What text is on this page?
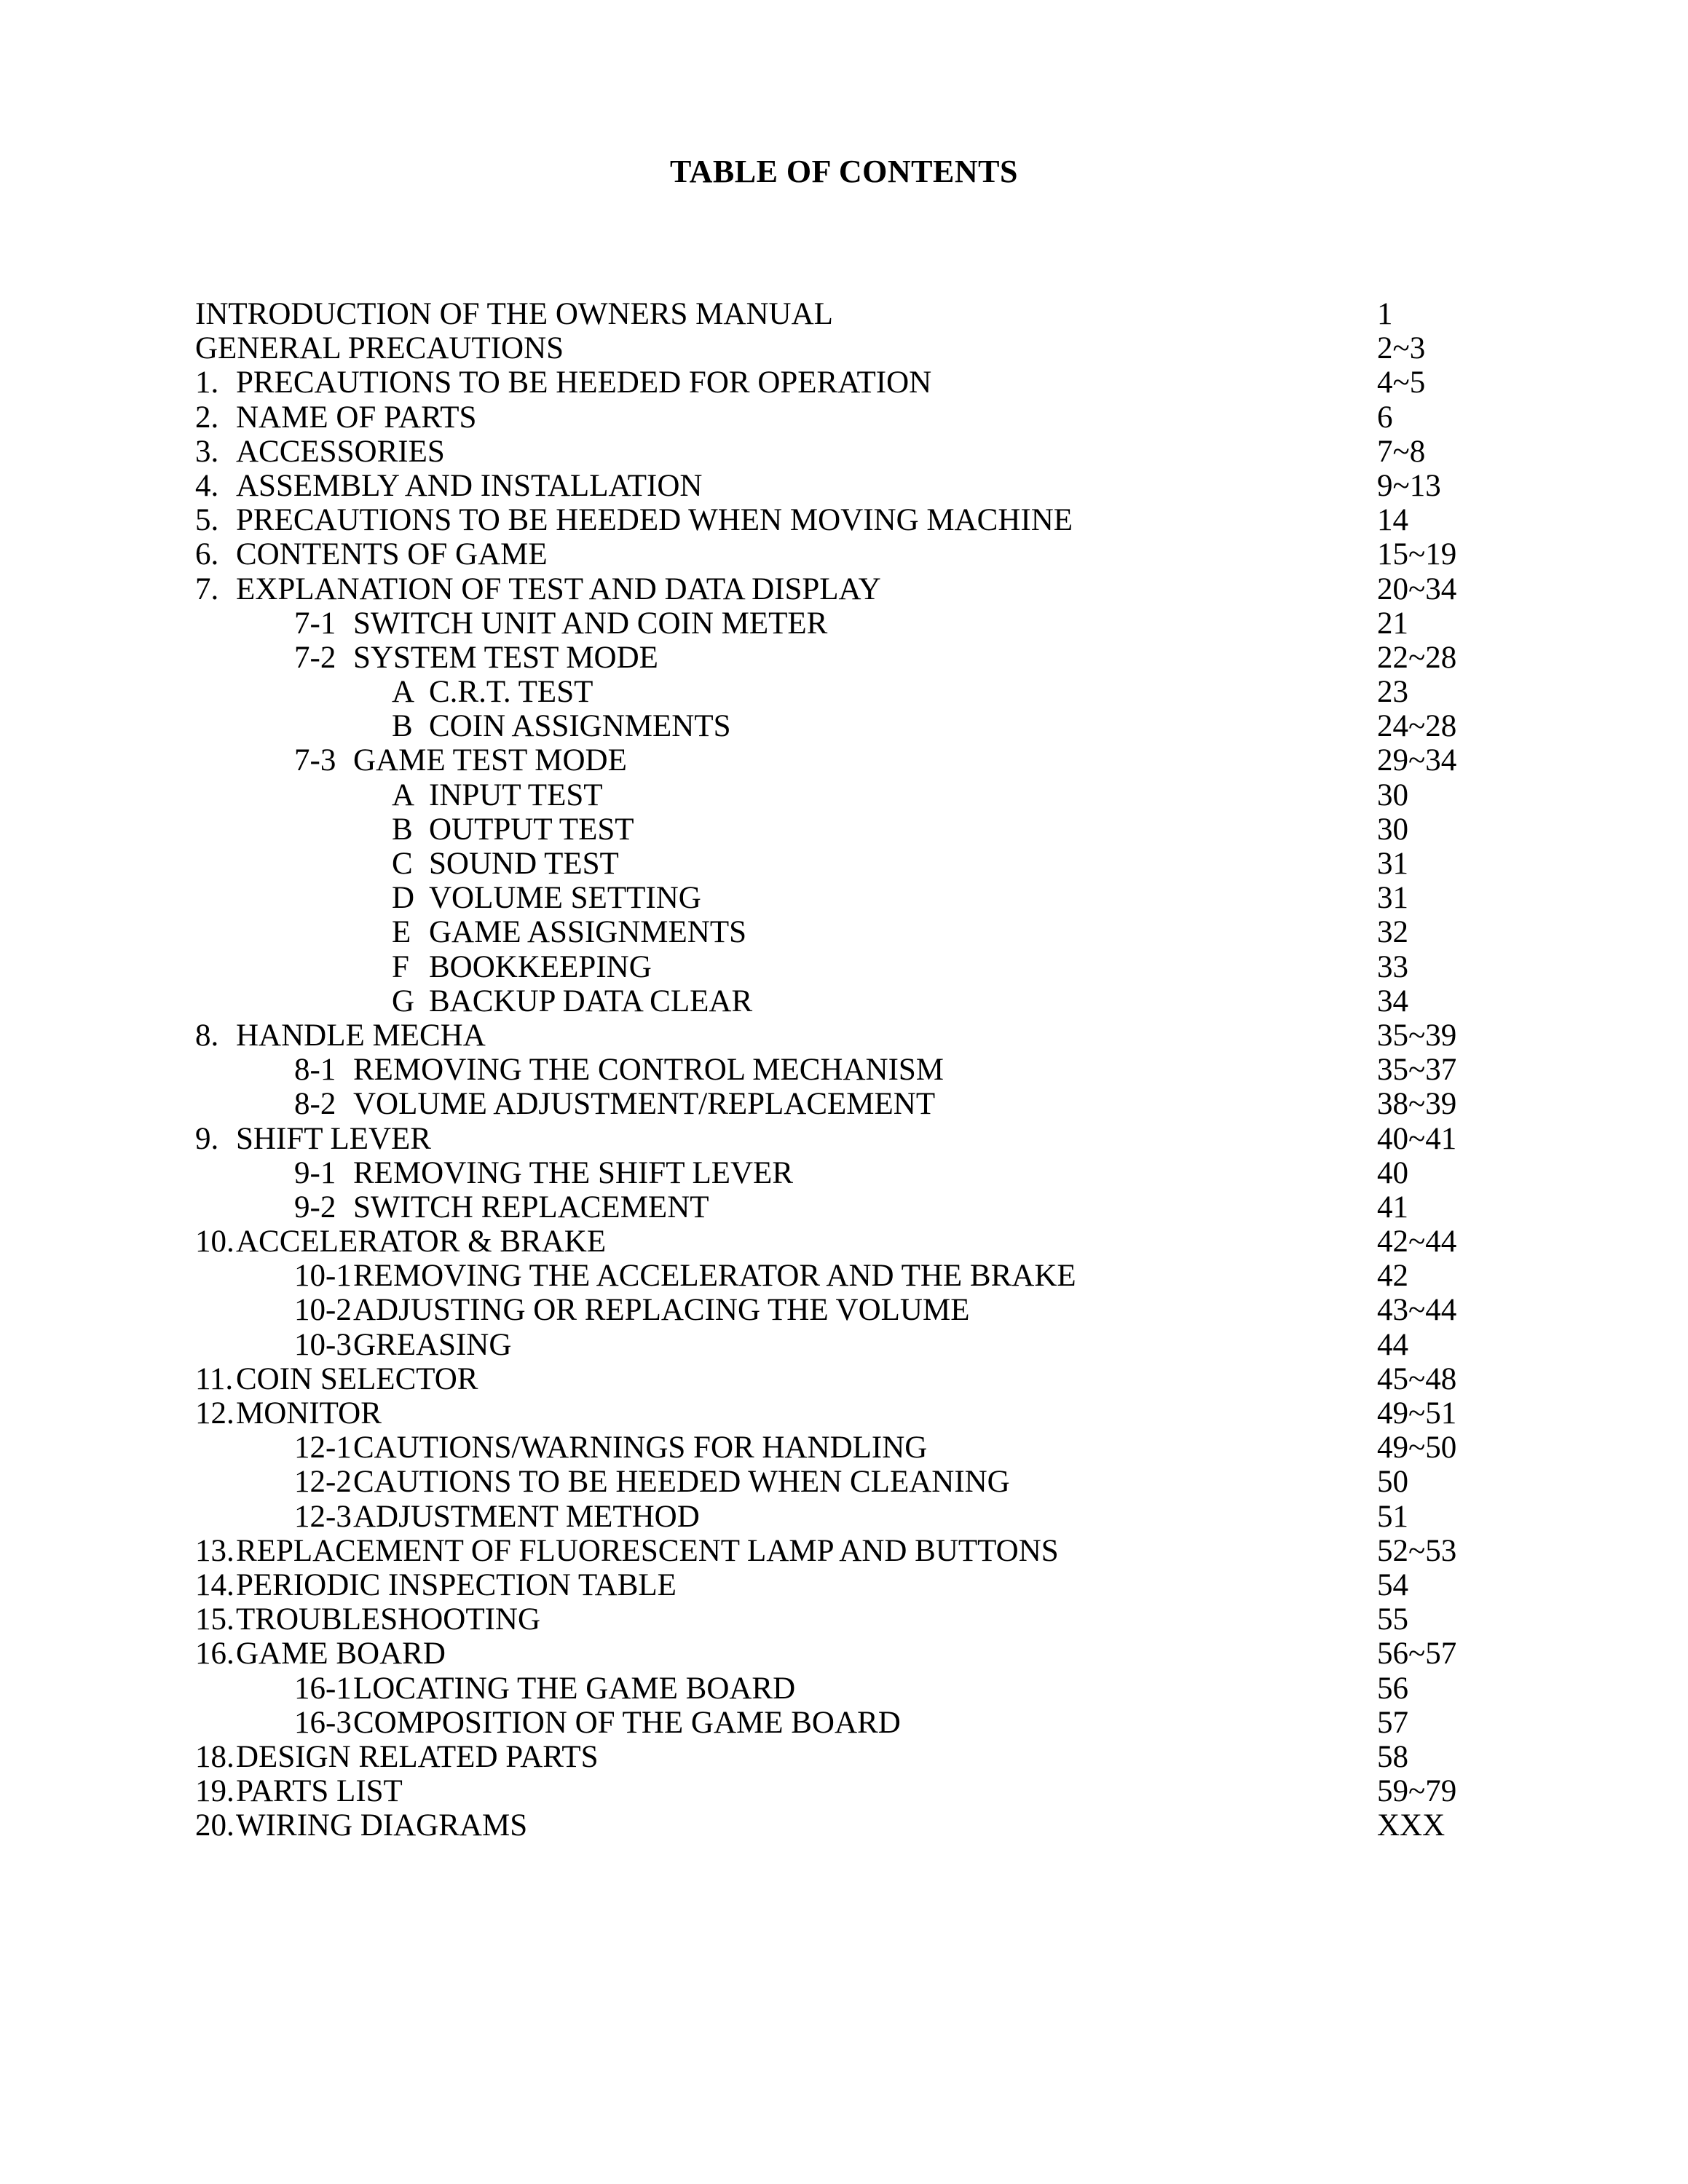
TABLE OF CONTENTS
INTRODUCTION OF THE OWNERS MANUAL	1
GENERAL PRECAUTIONS	2~3
1. PRECAUTIONS TO BE HEEDED FOR OPERATION	4~5
2. NAME OF PARTS	6
3. ACCESSORIES	7~8
4. ASSEMBLY AND INSTALLATION	9~13
5. PRECAUTIONS TO BE HEEDED WHEN MOVING MACHINE	14
6. CONTENTS OF GAME	15~19
7. EXPLANATION OF TEST AND DATA DISPLAY	20~34
7-1 SWITCH UNIT AND COIN METER	21
7-2 SYSTEM TEST MODE	22~28
A C.R.T. TEST	23
B COIN ASSIGNMENTS	24~28
7-3 GAME TEST MODE	29~34
A INPUT TEST	30
B OUTPUT TEST	30
C SOUND TEST	31
D VOLUME SETTING	31
E GAME ASSIGNMENTS	32
F BOOKKEEPING	33
G BACKUP DATA CLEAR	34
8. HANDLE MECHA	35~39
8-1 REMOVING THE CONTROL MECHANISM	35~37
8-2 VOLUME ADJUSTMENT/REPLACEMENT	38~39
9. SHIFT LEVER	40~41
9-1 REMOVING THE SHIFT LEVER	40
9-2 SWITCH REPLACEMENT	41
10.ACCELERATOR & BRAKE	42~44
10-1REMOVING THE ACCELERATOR AND THE BRAKE	42
10-2ADJUSTING OR REPLACING THE VOLUME	43~44
10-3GREASING	44
11.COIN SELECTOR	45~48
12.MONITOR	49~51
12-1CAUTIONS/WARNINGS FOR HANDLING	49~50
12-2CAUTIONS TO BE HEEDED WHEN CLEANING	50
12-3ADJUSTMENT METHOD	51
13.REPLACEMENT OF FLUORESCENT LAMP AND BUTTONS	52~53
14.PERIODIC INSPECTION TABLE	54
15.TROUBLESHOOTING	55
16.GAME BOARD	56~57
16-1LOCATING THE GAME BOARD	56
16-3COMPOSITION OF THE GAME BOARD	57
18.DESIGN RELATED PARTS	58
19.PARTS LIST	59~79
20.WIRING DIAGRAMS	XXX
